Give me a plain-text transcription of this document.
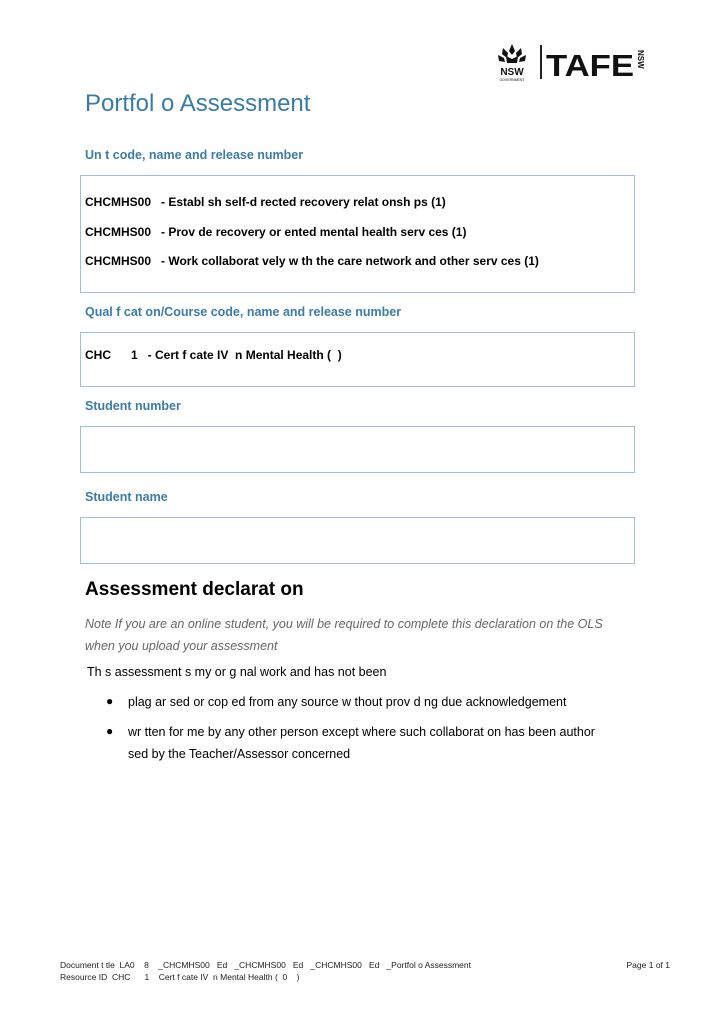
NSW
GOVERNMENT TAFE NSW
Portfol o Assessment
Un t code, name and release number
CHCMHS00   - Establ sh self-d rected recovery relat onsh ps (1)
CHCMHS00   - Prov de recovery or ented mental health serv ces (1)
CHCMHS00   - Work collaborat vely w th the care network and other serv ces (1)
Qual f cat on/Course code, name and release number
CHC      1   - Cert f cate IV  n Mental Health (  )
Student number
Student name
Assessment declarat on
Note If you are an online student, you will be required to complete this declaration on the OLS when you upload your assessment
Th s assessment s my or g nal work and has not been
● plag ar sed or cop ed from any source w thout prov d ng due acknowledgement
● wr tten for me by any other person except where such collaborat on has been author sed by the Teacher/Assessor concerned
Document t tle  LA0    8    _CHCMHS00   Ed   _CHCMHS00   Ed   _CHCMHS00   Ed   _Portfol o Assessment
Resource ID  CHC      1    Cert f cate IV  n Mental Health (  0    )
Page 1 of 1
